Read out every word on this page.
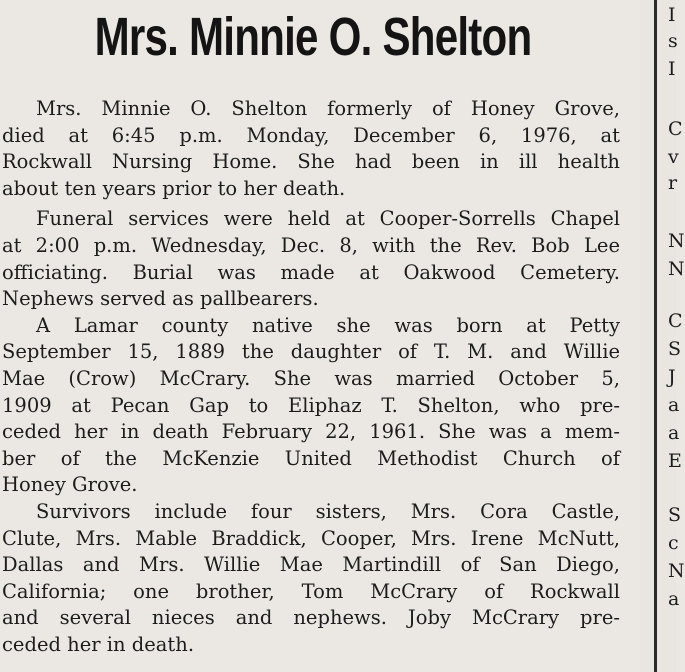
Mrs. Minnie O. Shelton
Mrs. Minnie O. Shelton formerly of Honey Grove,
died at 6:45 p.m. Monday, December 6, 1976, at
Rockwall Nursing Home. She had been in ill health
about ten years prior to her death.
Funeral services were held at Cooper-Sorrells Chapel
at 2:00 p.m. Wednesday, Dec. 8, with the Rev. Bob Lee
officiating. Burial was made at Oakwood Cemetery.
Nephews served as pallbearers.
A Lamar county native she was born at Petty
September 15, 1889 the daughter of T. M. and Willie
Mae (Crow) McCrary. She was married October 5,
1909 at Pecan Gap to Eliphaz T. Shelton, who pre-
ceded her in death February 22, 1961. She was a mem-
ber of the McKenzie United Methodist Church of
Honey Grove.
Survivors include four sisters, Mrs. Cora Castle,
Clute, Mrs. Mable Braddick, Cooper, Mrs. Irene McNutt,
Dallas and Mrs. Willie Mae Martindill of San Diego,
California; one brother, Tom McCrary of Rockwall
and several nieces and nephews. Joby McCrary pre-
ceded her in death.
I
s
I
C
v
r
N
N
C
S
J
a
a
E
S
c
N
a
